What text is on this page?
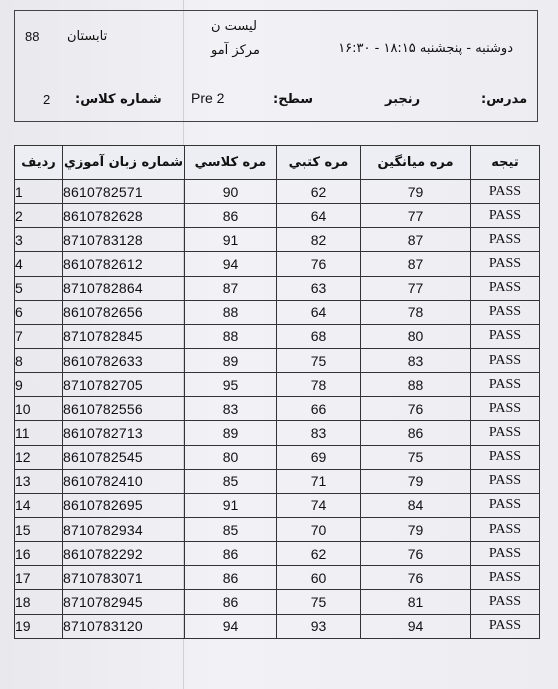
88 تابستان
لیست ن
مرکز آمو	دوشنبه - پنجشنبه ۱۸:۱۵ - ۱۶:۳۰
2 شماره کلاس: Pre 2	سطح:	رنجبر	مدرس:
ردیف	شماره زبان آموزي	مره كلاسي	مره كتبي	مره ميانگين	تيجه
1	8610782571	90	62	79	PASS
2	8610782628	86	64	77	PASS
3	8710783128	91	82	87	PASS
4	8610782612	94	76	87	PASS
5	8710782864	87	63	77	PASS
6	8610782656	88	64	78	PASS
7	8710782845	88	68	80	PASS
8	8610782633	89	75	83	PASS
9	8710782705	95	78	88	PASS
10	8610782556	83	66	76	PASS
11	8610782713	89	83	86	PASS
12	8610782545	80	69	75	PASS
13	8610782410	85	71	79	PASS
14	8610782695	91	74	84	PASS
15	8710782934	85	70	79	PASS
16	8610782292	86	62	76	PASS
17	8710783071	86	60	76	PASS
18	8710782945	86	75	81	PASS
19	8710783120	94	93	94	PASS
